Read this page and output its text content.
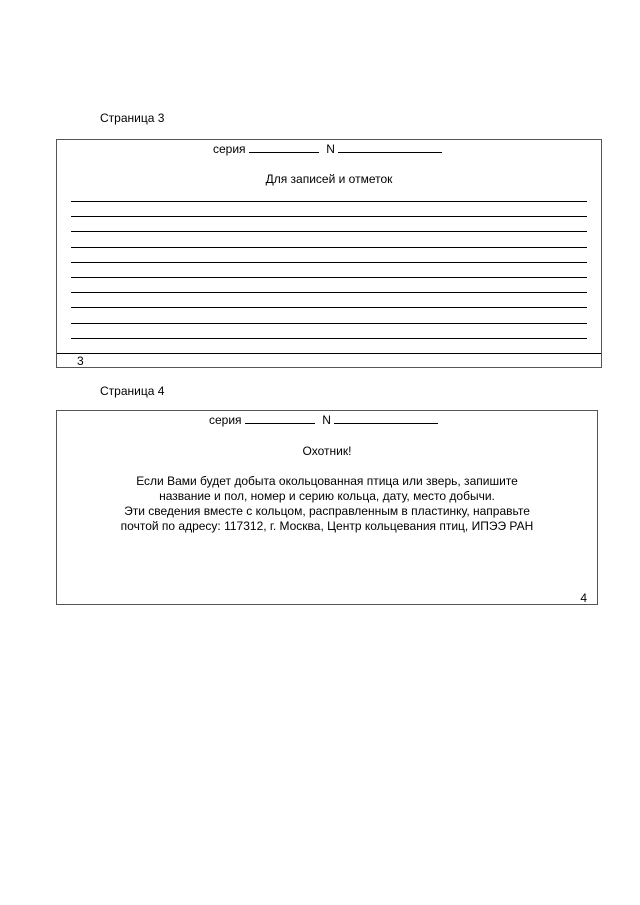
Страница 3
серия	N
Для записей и отметок
3
Страница 4
серия	N
Охотник!
Если Вами будет добыта окольцованная птица или зверь, запишите
название и пол, номер и серию кольца, дату, место добычи.
Эти сведения вместе с кольцом, расправленным в пластинку, направьте
почтой по адресу: 117312, г. Москва, Центр кольцевания птиц, ИПЭЭ РАН
4
